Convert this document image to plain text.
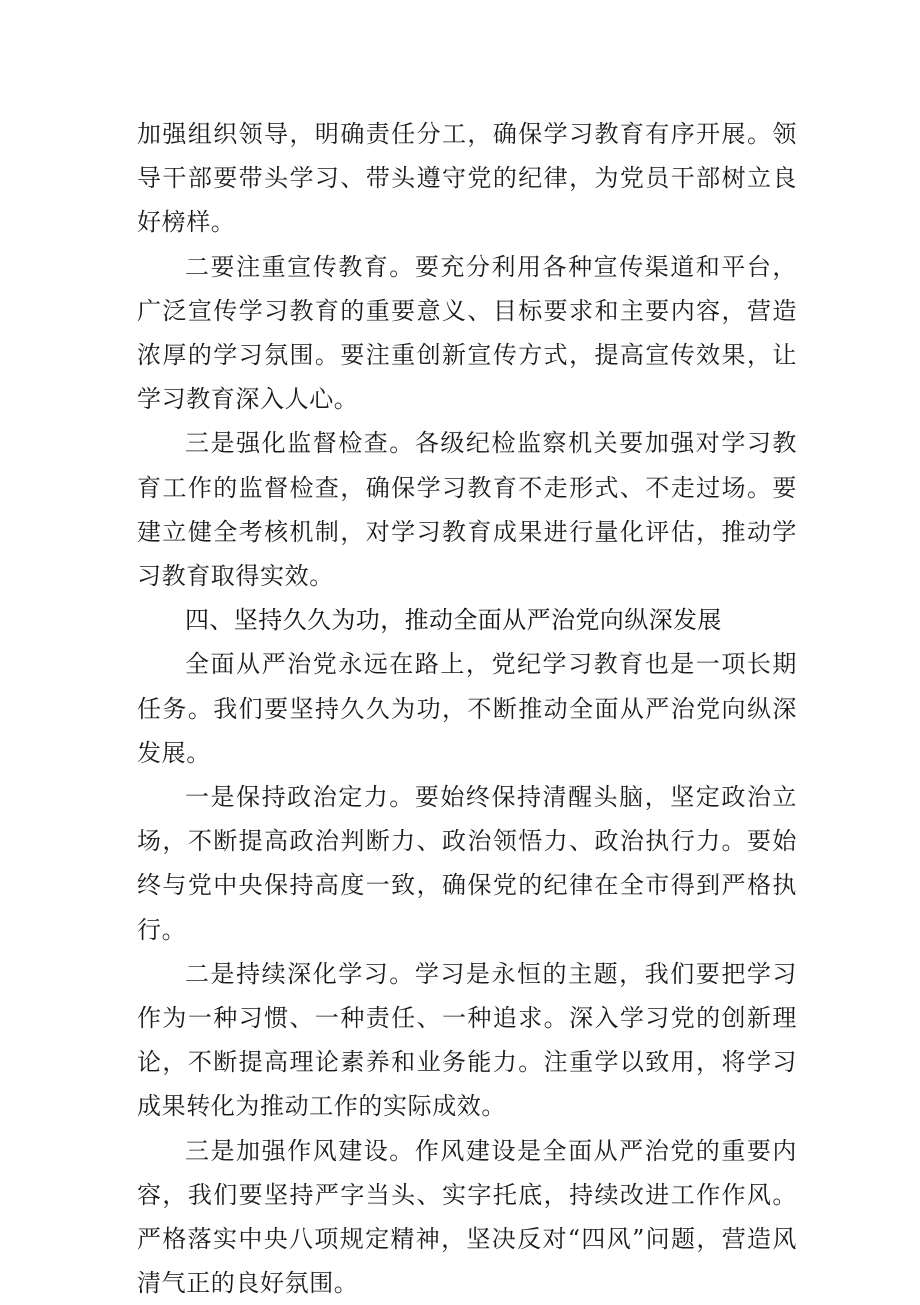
加强组织领导，明确责任分工，确保学习教育有序开展。领导干部要带头学习、带头遵守党的纪律，为党员干部树立良好榜样。

二要注重宣传教育。要充分利用各种宣传渠道和平台，广泛宣传学习教育的重要意义、目标要求和主要内容，营造浓厚的学习氛围。要注重创新宣传方式，提高宣传效果，让学习教育深入人心。

三是强化监督检查。各级纪检监察机关要加强对学习教育工作的监督检查，确保学习教育不走形式、不走过场。要建立健全考核机制，对学习教育成果进行量化评估，推动学习教育取得实效。

四、坚持久久为功，推动全面从严治党向纵深发展

全面从严治党永远在路上，党纪学习教育也是一项长期任务。我们要坚持久久为功，不断推动全面从严治党向纵深发展。

一是保持政治定力。要始终保持清醒头脑，坚定政治立场，不断提高政治判断力、政治领悟力、政治执行力。要始终与党中央保持高度一致，确保党的纪律在全市得到严格执行。

二是持续深化学习。学习是永恒的主题，我们要把学习作为一种习惯、一种责任、一种追求。深入学习党的创新理论，不断提高理论素养和业务能力。注重学以致用，将学习成果转化为推动工作的实际成效。

三是加强作风建设。作风建设是全面从严治党的重要内容，我们要坚持严字当头、实字托底，持续改进工作作风。严格落实中央八项规定精神，坚决反对“四风”问题，营造风清气正的良好氛围。
